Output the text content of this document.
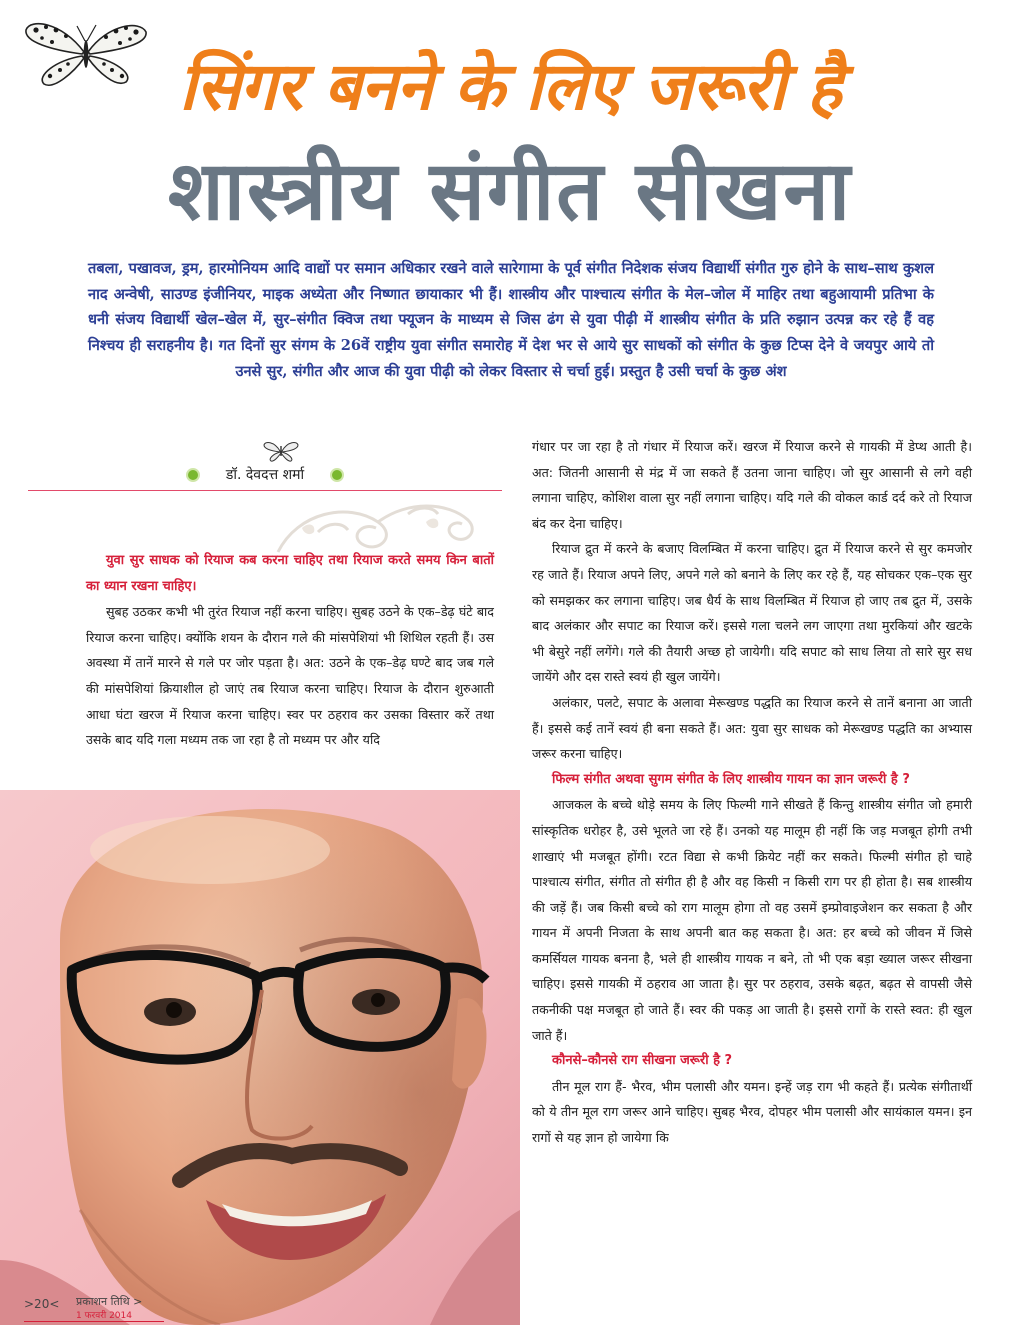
सिंगर बनने के लिए जरूरी है
शास्त्रीय संगीत सीखना
तबला, पखावज, ड्रम, हारमोनियम आदि वाद्यों पर समान अधिकार रखने वाले सारेगामा के पूर्व संगीत निदेशक संजय विद्यार्थी संगीत गुरु होने के साथ–साथ कुशल नाद अन्वेषी, साउण्ड इंजीनियर, माइक अध्येता और निष्णात छायाकार भी हैं। शास्त्रीय और पाश्चात्य संगीत के मेल–जोल में माहिर तथा बहुआयामी प्रतिभा के धनी संजय विद्यार्थी खेल–खेल में, सुर–संगीत क्विज तथा फ्यूजन के माध्यम से जिस ढंग से युवा पीढ़ी में शास्त्रीय संगीत के प्रति रुझान उत्पन्न कर रहे हैं वह निश्चय ही सराहनीय है। गत दिनों सुर संगम के 26वें राष्ट्रीय युवा संगीत समारोह में देश भर से आये सुर साधकों को संगीत के कुछ टिप्स देने वे जयपुर आये तो उनसे सुर, संगीत और आज की युवा पीढ़ी को लेकर विस्तार से चर्चा हुई। प्रस्तुत है उसी चर्चा के कुछ अंश
डॉ. देवदत्त शर्मा

युवा सुर साधक को रियाज कब करना चाहिए तथा रियाज करते समय किन बातों का ध्यान रखना चाहिए।

सुबह उठकर कभी भी तुरंत रियाज नहीं करना चाहिए। सुबह उठने के एक–डेढ़ घंटे बाद रियाज करना चाहिए। क्योंकि शयन के दौरान गले की मांसपेशियां भी शिथिल रहती हैं। उस अवस्था में तानें मारने से गले पर जोर पड़ता है। अत: उठने के एक–डेढ़ घण्टे बाद जब गले की मांसपेशियां क्रियाशील हो जाएं तब रियाज करना चाहिए। रियाज के दौरान शुरुआती आधा घंटा खरज में रियाज करना चाहिए। स्वर पर ठहराव कर उसका विस्तार करें तथा उसके बाद यदि गला मध्यम तक जा रहा है तो मध्यम पर और यदि

गंधार पर जा रहा है तो गंधार में रियाज करें। खरज में रियाज करने से गायकी में डेप्थ आती है। अत: जितनी आसानी से मंद्र में जा सकते हैं उतना जाना चाहिए। जो सुर आसानी से लगे वही लगाना चाहिए, कोशिश वाला सुर नहीं लगाना चाहिए। यदि गले की वोकल कार्ड दर्द करे तो रियाज बंद कर देना चाहिए।

रियाज द्रुत में करने के बजाए विलम्बित में करना चाहिए। द्रुत में रियाज करने से सुर कमजोर रह जाते हैं। रियाज अपने लिए, अपने गले को बनाने के लिए कर रहे हैं, यह सोचकर एक–एक सुर को समझकर कर लगाना चाहिए। जब धैर्य के साथ विलम्बित में रियाज हो जाए तब द्रुत में, उसके बाद अलंकार और सपाट का रियाज करें। इससे गला चलने लग जाएगा तथा मुरकियां और खटके भी बेसुरे नहीं लगेंगे। गले की तैयारी अच्छ हो जायेगी। यदि सपाट को साध लिया तो सारे सुर सध जायेंगे और दस रास्ते स्वयं ही खुल जायेंगे।

अलंकार, पलटे, सपाट के अलावा मेरूखण्ड पद्धति का रियाज करने से तानें बनाना आ जाती हैं। इससे कई तानें स्वयं ही बना सकते हैं। अत: युवा सुर साधक को मेरूखण्ड पद्धति का अभ्यास जरूर करना चाहिए।

फिल्म संगीत अथवा सुगम संगीत के लिए शास्त्रीय गायन का ज्ञान जरूरी है ?

आजकल के बच्चे थोड़े समय के लिए फिल्मी गाने सीखते हैं किन्तु शास्त्रीय संगीत जो हमारी सांस्कृतिक धरोहर है, उसे भूलते जा रहे हैं। उनको यह मालूम ही नहीं कि जड़ मजबूत होगी तभी शाखाएं भी मजबूत होंगी। रटत विद्या से कभी क्रियेट नहीं कर सकते। फिल्मी संगीत हो चाहे पाश्चात्य संगीत, संगीत तो संगीत ही है और वह किसी न किसी राग पर ही होता है। सब शास्त्रीय की जड़ें हैं। जब किसी बच्चे को राग मालूम होगा तो वह उसमें इम्प्रोवाइजेशन कर सकता है और गायन में अपनी निजता के साथ अपनी बात कह सकता है। अत: हर बच्चे को जीवन में जिसे कमर्सियल गायक बनना है, भले ही शास्त्रीय गायक न बने, तो भी एक बड़ा ख्याल जरूर सीखना चाहिए। इससे गायकी में ठहराव आ जाता है। सुर पर ठहराव, उसके बढ़त, बढ़त से वापसी जैसे तकनीकी पक्ष मजबूत हो जाते हैं। स्वर की पकड़ आ जाती है। इससे रागों के रास्ते स्वत: ही खुल जाते हैं।

कौनसे–कौनसे राग सीखना जरूरी है ?

तीन मूल राग हैं- भैरव, भीम पलासी और यमन। इन्हें जड़ राग भी कहते हैं। प्रत्येक संगीतार्थी को ये तीन मूल राग जरूर आने चाहिए। सुबह भैरव, दोपहर भीम पलासी और सायंकाल यमन। इन रागों से यह ज्ञान हो जायेगा कि

>20< प्रकाशन तिथि >
1 फरवरी 2014
